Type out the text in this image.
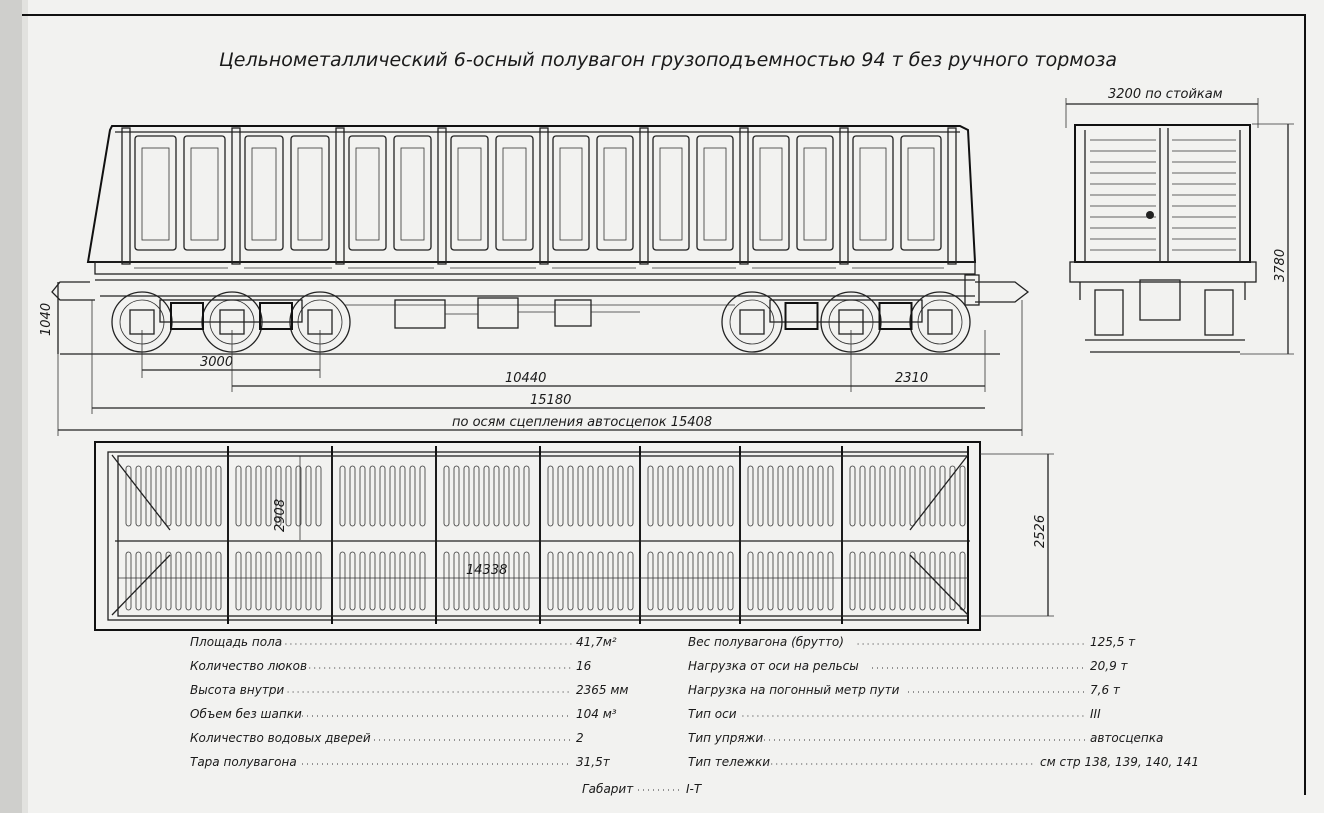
Цельнометаллический 6-осный полувагон грузоподъемностью 94 т без ручного тормоза
1040
3000
10440	2310
15180
по осям сцепления автосцепок 15408
3200 по стойкам
3780
2908
14338
2526
Площадь пола	41,7м²
Количество люков	16
Высота внутри	2365 мм
Объем без шапки	104 м³
Количество водовых дверей	2
Тара полувагона	31,5т
Вес полувагона (брутто)	125,5 т
Нагрузка от оси на рельсы	20,9 т
Нагрузка на погонный метр пути	7,6 т
Тип оси	III
Тип упряжи	автосцепка
Тип тележки	см стр 138, 139, 140, 141
Габарит	I-Т
